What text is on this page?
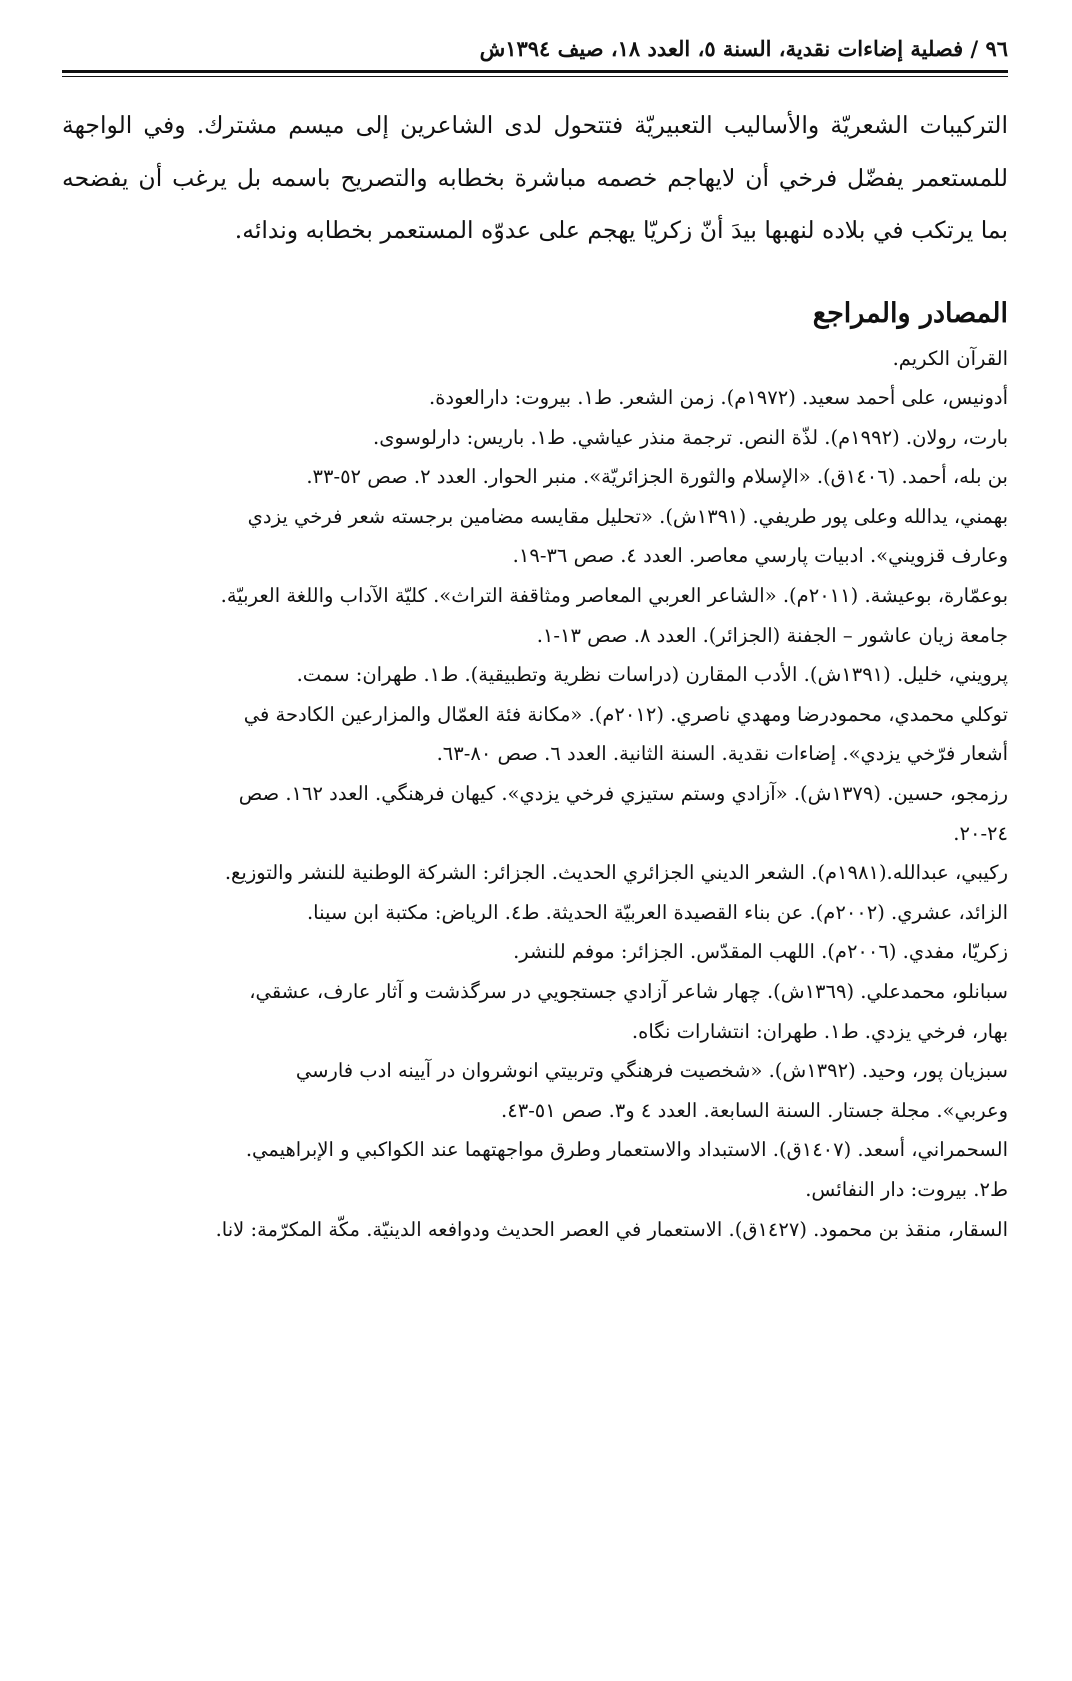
٩٦ / فصلية إضاءات نقدية، السنة ٥، العدد ١٨، صيف ١٣٩٤ش

التركيبات الشعريّة والأساليب التعبيريّة فتتحول لدى الشاعرين إلى ميسم مشترك. وفي الواجهة للمستعمر يفضّل فرخي أن لايهاجم خصمه مباشرة بخطابه والتصريح باسمه بل يرغب أن يفضحه بما يرتكب في بلاده لنهبها بيدَ أنّ زكريّا يهجم على عدوّه المستعمر بخطابه وندائه.

المصادر والمراجع
القرآن الكريم.
أدونيس، على أحمد سعيد. (١٩٧٢م). زمن الشعر. ط١. بيروت: دارالعودة.
بارت، رولان. (١٩٩٢م). لذّة النص. ترجمة منذر عياشي. ط١. باريس: دارلوسوى.
بن بله، أحمد. (١٤٠٦ق). «الإسلام والثورة الجزائريّة». منبر الحوار. العدد ٢. صص ٥٢-٣٣.
بهمني، يدالله وعلى پور طريفي. (١٣٩١ش). «تحليل مقايسه مضامين برجسته شعر فرخي يزدي
وعارف قزويني». ادبيات پارسي معاصر. العدد ٤. صص ٣٦-١٩.
بوعمّارة، بوعيشة. (٢٠١١م). «الشاعر العربي المعاصر ومثاقفة التراث». كليّة الآداب واللغة العربيّة.
جامعة زيان عاشور – الجفنة (الجزائر). العدد ٨. صص ١٣-١.
پرويني، خليل. (١٣٩١ش). الأدب المقارن (دراسات نظرية وتطبيقية). ط١. طهران: سمت.
توكلي محمدي، محمودرضا ومهدي ناصري. (٢٠١٢م). «مكانة فئة العمّال والمزارعين الكادحة في
أشعار فرّخي يزدي». إضاءات نقدية. السنة الثانية. العدد ٦. صص ٨٠-٦٣.
رزمجو، حسين. (١٣٧٩ش). «آزادي وستم ستيزي فرخي يزدي». كيهان فرهنگي. العدد ١٦٢. صص
٢٤-٢٠.
ركيبي، عبدالله.(١٩٨١م). الشعر الديني الجزائري الحديث. الجزائر: الشركة الوطنية للنشر والتوزيع.
الزائد، عشري. (٢٠٠٢م). عن بناء القصيدة العربيّة الحديثة. ط٤. الرياض: مكتبة ابن سينا.
زكريّا، مفدي. (٢٠٠٦م). اللهب المقدّس. الجزائر: موفم للنشر.
سبانلو، محمدعلي. (١٣٦٩ش). چهار شاعر آزادي جستجويي در سرگذشت و آثار عارف، عشقي،
بهار، فرخي يزدي. ط١. طهران: انتشارات نگاه.
سبزيان پور، وحيد. (١٣٩٢ش). «شخصيت فرهنگي وتربيتي انوشروان در آيينه ادب فارسي
وعربي». مجلة جستار. السنة السابعة. العدد ٤ و٣. صص ٥١-٤٣.
السحمراني، أسعد. (١٤٠٧ق). الاستبداد والاستعمار وطرق مواجهتهما عند الكواكبي و الإبراهيمي.
ط٢. بيروت: دار النفائس.
السقار، منقذ بن محمود. (١٤٢٧ق). الاستعمار في العصر الحديث ودوافعه الدينيّة. مكّة المكرّمة: لانا.
